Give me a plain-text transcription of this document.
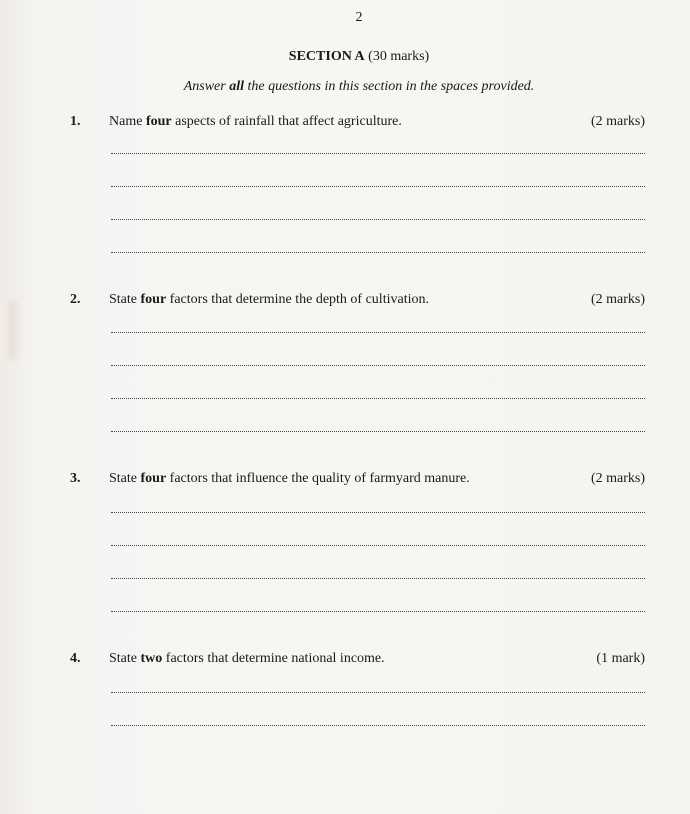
2
SECTION A (30 marks)
Answer all the questions in this section in the spaces provided.
1. Name four aspects of rainfall that affect agriculture.	(2 marks)
2. State four factors that determine the depth of cultivation.	(2 marks)
3. State four factors that influence the quality of farmyard manure.	(2 marks)
4. State two factors that determine national income.	(1 mark)
